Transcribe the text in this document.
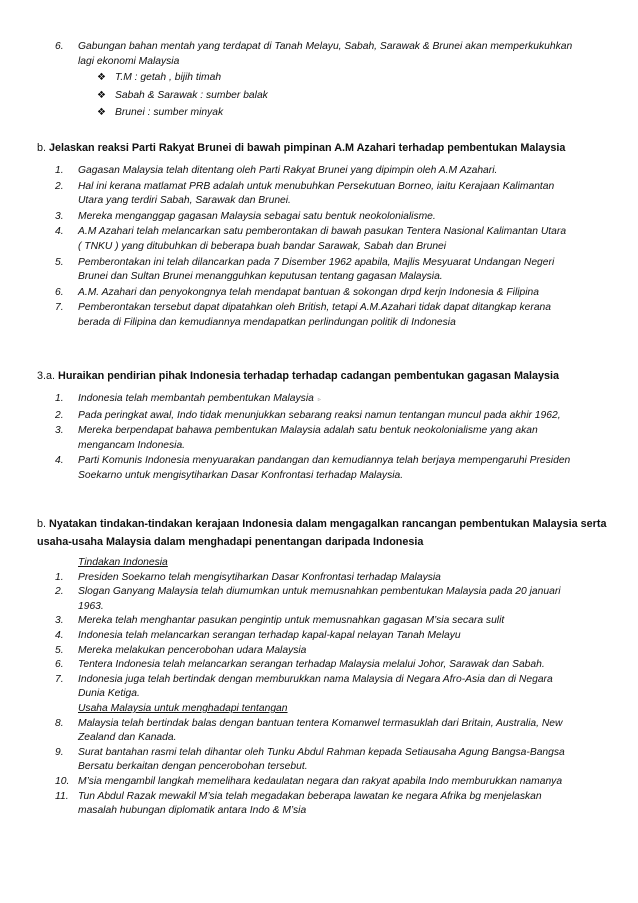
6.	Gabungan bahan mentah yang terdapat di Tanah Melayu, Sabah, Sarawak & Brunei akan memperkukuhkan
lagi ekonomi Malaysia
❖ T.M : getah , bijih timah
❖ Sabah & Sarawak : sumber balak
❖ Brunei : sumber minyak
b. Jelaskan reaksi Parti Rakyat Brunei di bawah pimpinan A.M Azahari terhadap pembentukan Malaysia
1.	Gagasan Malaysia telah ditentang oleh Parti Rakyat Brunei yang dipimpin oleh A.M Azahari.
2.	Hal ini kerana matlamat PRB adalah untuk menubuhkan Persekutuan Borneo, iaitu Kerajaan Kalimantan
Utara yang terdiri Sabah, Sarawak dan Brunei.
3.	Mereka menganggap gagasan Malaysia sebagai satu bentuk neokolonialisme.
4.	A.M Azahari telah melancarkan satu pemberontakan di bawah pasukan Tentera Nasional Kalimantan Utara
( TNKU ) yang ditubuhkan di beberapa buah bandar Sarawak, Sabah dan Brunei
5.	Pemberontakan ini telah dilancarkan pada 7 Disember 1962 apabila, Majlis Mesyuarat Undangan Negeri
Brunei dan Sultan Brunei menangguhkan keputusan tentang gagasan Malaysia.
6.	A.M. Azahari dan penyokongnya telah mendapat bantuan & sokongan drpd kerjn Indonesia & Filipina
7.	Pemberontakan tersebut dapat dipatahkan oleh British, tetapi A.M.Azahari tidak dapat ditangkap kerana
berada di Filipina dan kemudiannya mendapatkan perlindungan politik di Indonesia
3.a. Huraikan pendirian pihak Indonesia terhadap terhadap cadangan pembentukan gagasan Malaysia
1.	Indonesia telah membantah pembentukan Malaysia ▹
2.	Pada peringkat awal, Indo tidak menunjukkan sebarang reaksi namun tentangan muncul pada akhir 1962,
3.	Mereka berpendapat bahawa pembentukan Malaysia adalah satu bentuk neokolonialisme yang akan
mengancam Indonesia.
4.	Parti Komunis Indonesia menyuarakan pandangan dan kemudiannya telah berjaya mempengaruhi Presiden
Soekarno untuk mengisytiharkan Dasar Konfrontasi terhadap Malaysia.
b. Nyatakan tindakan-tindakan kerajaan Indonesia dalam mengagalkan rancangan pembentukan Malaysia serta
usaha-usaha Malaysia dalam menghadapi penentangan daripada Indonesia
Tindakan Indonesia
1.	Presiden Soekarno telah mengisytiharkan Dasar Konfrontasi terhadap Malaysia
2.	Slogan Ganyang Malaysia telah diumumkan untuk memusnahkan pembentukan Malaysia pada 20 januari
1963.
3.	Mereka telah menghantar pasukan pengintip untuk memusnahkan gagasan M’sia secara sulit
4.	Indonesia telah melancarkan serangan terhadap kapal-kapal nelayan Tanah Melayu
5.	Mereka melakukan pencerobohan udara Malaysia
6.	Tentera Indonesia telah melancarkan serangan terhadap Malaysia melalui Johor, Sarawak dan Sabah.
7.	Indonesia juga telah bertindak dengan memburukkan nama Malaysia di Negara Afro-Asia dan di Negara
Dunia Ketiga.
Usaha Malaysia untuk menghadapi tentangan
8.	Malaysia telah bertindak balas dengan bantuan tentera Komanwel termasuklah dari Britain, Australia, New
Zealand dan Kanada.
9.	Surat bantahan rasmi telah dihantar oleh Tunku Abdul Rahman kepada Setiausaha Agung Bangsa-Bangsa
Bersatu berkaitan dengan pencerobohan tersebut.
10. M’sia mengambil langkah memelihara kedaulatan negara dan rakyat apabila Indo memburukkan namanya
11. Tun Abdul Razak mewakil M’sia telah megadakan beberapa lawatan ke negara Afrika bg menjelaskan
masalah hubungan diplomatik antara Indo & M’sia
